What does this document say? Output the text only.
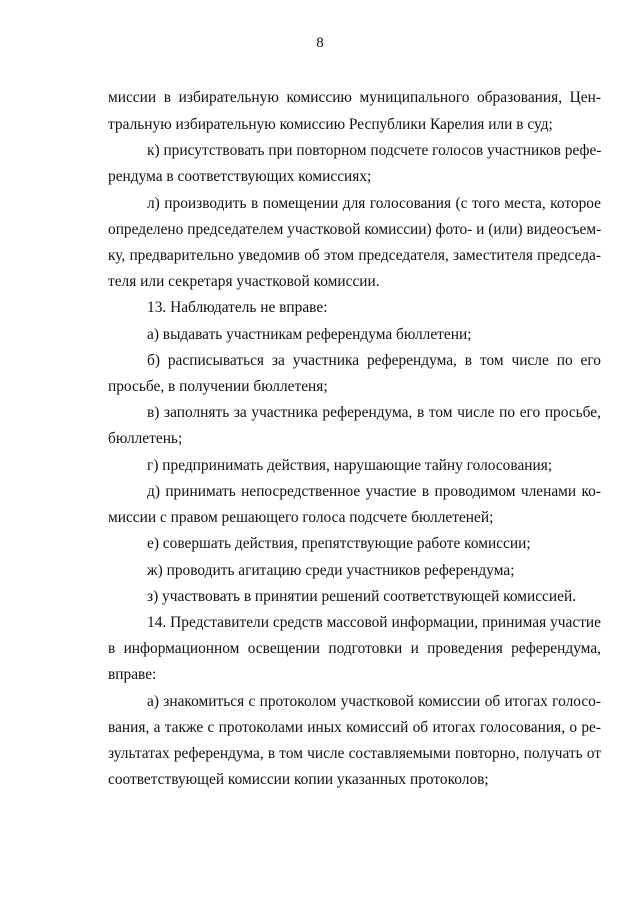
8
миссии в избирательную комиссию муниципального образования, Цен-
тральную избирательную комиссию Республики Карелия или в суд;
к) присутствовать при повторном подсчете голосов участников рефе-
рендума в соответствующих комиссиях;
л) производить в помещении для голосования (с того места, которое
определено председателем участковой комиссии) фото- и (или) видеосъем-
ку, предварительно уведомив об этом председателя, заместителя председа-
теля или секретаря участковой комиссии.
13. Наблюдатель не вправе:
а) выдавать участникам референдума бюллетени;
б) расписываться за участника референдума, в том числе по его
просьбе, в получении бюллетеня;
в) заполнять за участника референдума, в том числе по его просьбе,
бюллетень;
г) предпринимать действия, нарушающие тайну голосования;
д) принимать непосредственное участие в проводимом членами ко-
миссии с правом решающего голоса подсчете бюллетеней;
е) совершать действия, препятствующие работе комиссии;
ж) проводить агитацию среди участников референдума;
з) участвовать в принятии решений соответствующей комиссией.
14. Представители средств массовой информации, принимая участие
в информационном освещении подготовки и проведения референдума,
вправе:
а) знакомиться с протоколом участковой комиссии об итогах голосо-
вания, а также с протоколами иных комиссий об итогах голосования, о ре-
зультатах референдума, в том числе составляемыми повторно, получать от
соответствующей комиссии копии указанных протоколов;
